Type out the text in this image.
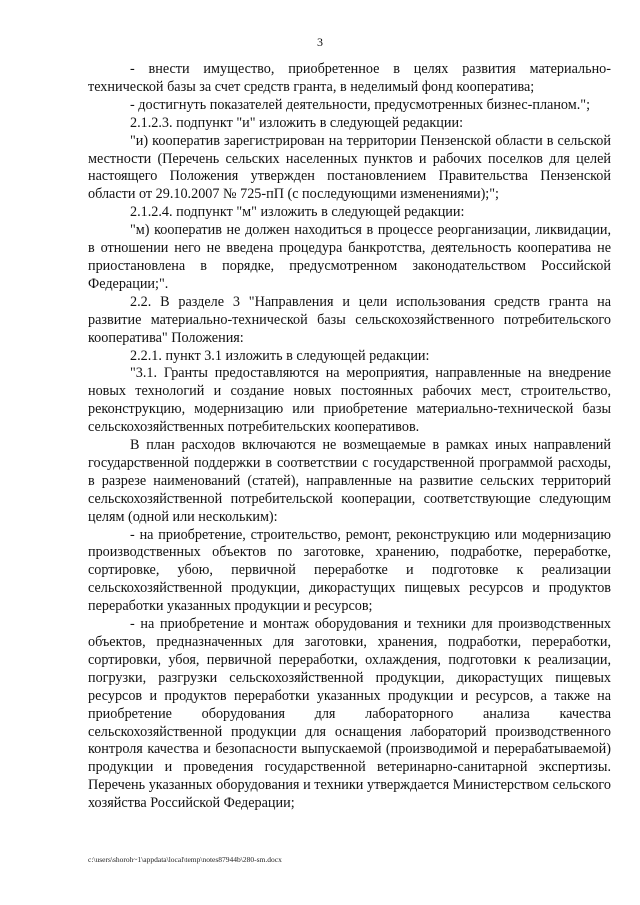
3

- внести имущество, приобретенное в целях развития материально-технической базы за счет средств гранта, в неделимый фонд кооператива;

- достигнуть показателей деятельности, предусмотренных бизнес-планом.";

2.1.2.3. подпункт "и" изложить в следующей редакции:

"и) кооператив зарегистрирован на территории Пензенской области в сельской местности (Перечень сельских населенных пунктов и рабочих поселков для целей настоящего Положения утвержден постановлением Правительства Пензенской области от 29.10.2007 № 725-пП (с последующими изменениями);";

2.1.2.4. подпункт "м" изложить в следующей редакции:

"м) кооператив не должен находиться в процессе реорганизации, ликвидации, в отношении него не введена процедура банкротства, деятельность кооператива не приостановлена в порядке, предусмотренном законодательством Российской Федерации;".

2.2. В разделе 3 "Направления и цели использования средств гранта на развитие материально-технической базы сельскохозяйственного потребительского кооператива" Положения:

2.2.1. пункт 3.1 изложить в следующей редакции:

"3.1. Гранты предоставляются на мероприятия, направленные на внедрение новых технологий и создание новых постоянных рабочих мест, строительство, реконструкцию, модернизацию или приобретение материально-технической базы сельскохозяйственных потребительских кооперативов.

В план расходов включаются не возмещаемые в рамках иных направлений государственной поддержки в соответствии с государственной программой расходы, в разрезе наименований (статей), направленные на развитие сельских территорий сельскохозяйственной потребительской кооперации, соответствующие следующим целям (одной или нескольким):

- на приобретение, строительство, ремонт, реконструкцию или модернизацию производственных объектов по заготовке, хранению, подработке, переработке, сортировке, убою, первичной переработке и подготовке к реализации сельскохозяйственной продукции, дикорастущих пищевых ресурсов и продуктов переработки указанных продукции и ресурсов;

- на приобретение и монтаж оборудования и техники для производственных объектов, предназначенных для заготовки, хранения, подработки, переработки, сортировки, убоя, первичной переработки, охлаждения, подготовки к реализации, погрузки, разгрузки сельскохозяйственной продукции, дикорастущих пищевых ресурсов и продуктов переработки указанных продукции и ресурсов, а также на приобретение оборудования для лабораторного анализа качества сельскохозяйственной продукции для оснащения лабораторий производственного контроля качества и безопасности выпускаемой (производимой и перерабатываемой) продукции и проведения государственной ветеринарно-санитарной экспертизы. Перечень указанных оборудования и техники утверждается Министерством сельского хозяйства Российской Федерации;

c:\users\shoroh~1\appdata\local\temp\notes87944b\280-sm.docx
